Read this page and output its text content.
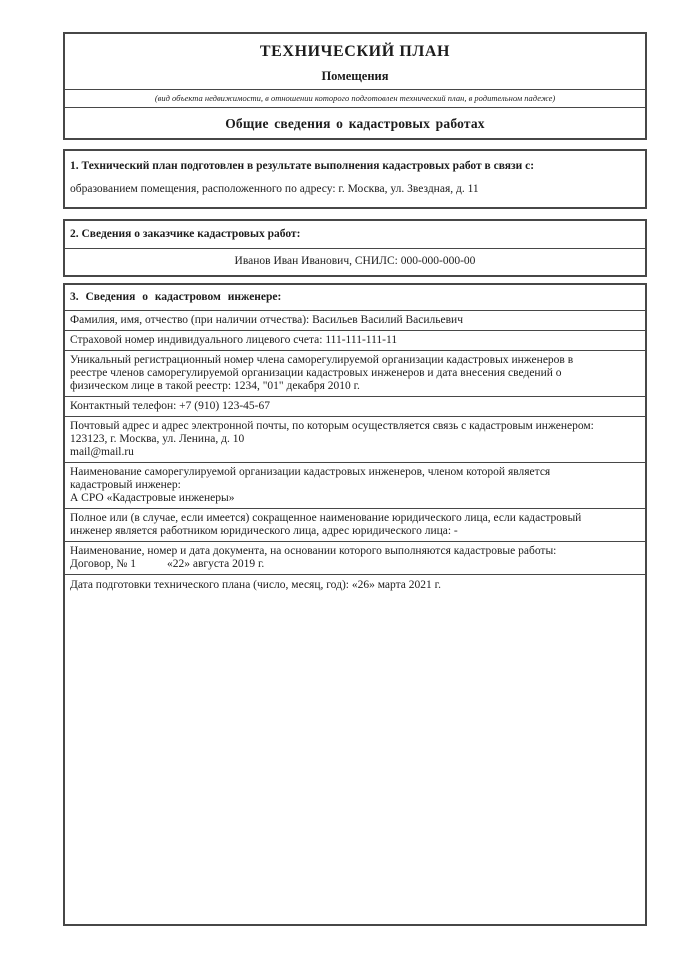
ТЕХНИЧЕСКИЙ ПЛАН
Помещения
(вид объекта недвижимости, в отношении которого подготовлен технический план, в родительном падеже)
Общие сведения о кадастровых работах
1. Технический план подготовлен в результате выполнения кадастровых работ в связи с:
образованием помещения, расположенного по адресу: г. Москва, ул. Звездная, д. 11
2. Сведения о заказчике кадастровых работ:
Иванов Иван Иванович, СНИЛС: 000-000-000-00
3. Сведения о кадастровом инженере:
Фамилия, имя, отчество (при наличии отчества): Васильев Василий Васильевич
Страховой номер индивидуального лицевого счета: 111-111-111-11
Уникальный регистрационный номер члена саморегулируемой организации кадастровых инженеров в
реестре членов саморегулируемой организации кадастровых инженеров и дата внесения сведений о
физическом лице в такой реестр: 1234, "01" декабря 2010 г.
Контактный телефон: +7 (910) 123-45-67
Почтовый адрес и адрес электронной почты, по которым осуществляется связь с кадастровым инженером:
123123, г. Москва, ул. Ленина, д. 10
mail@mail.ru
Наименование саморегулируемой организации кадастровых инженеров, членом которой является
кадастровый инженер:
А СРО «Кадастровые инженеры»
Полное или (в случае, если имеется) сокращенное наименование юридического лица, если кадастровый
инженер является работником юридического лица, адрес юридического лица: -
Наименование, номер и дата документа, на основании которого выполняются кадастровые работы:
Договор, № 1	«22» августа 2019 г.
Дата подготовки технического плана (число, месяц, год): «26» марта 2021 г.
